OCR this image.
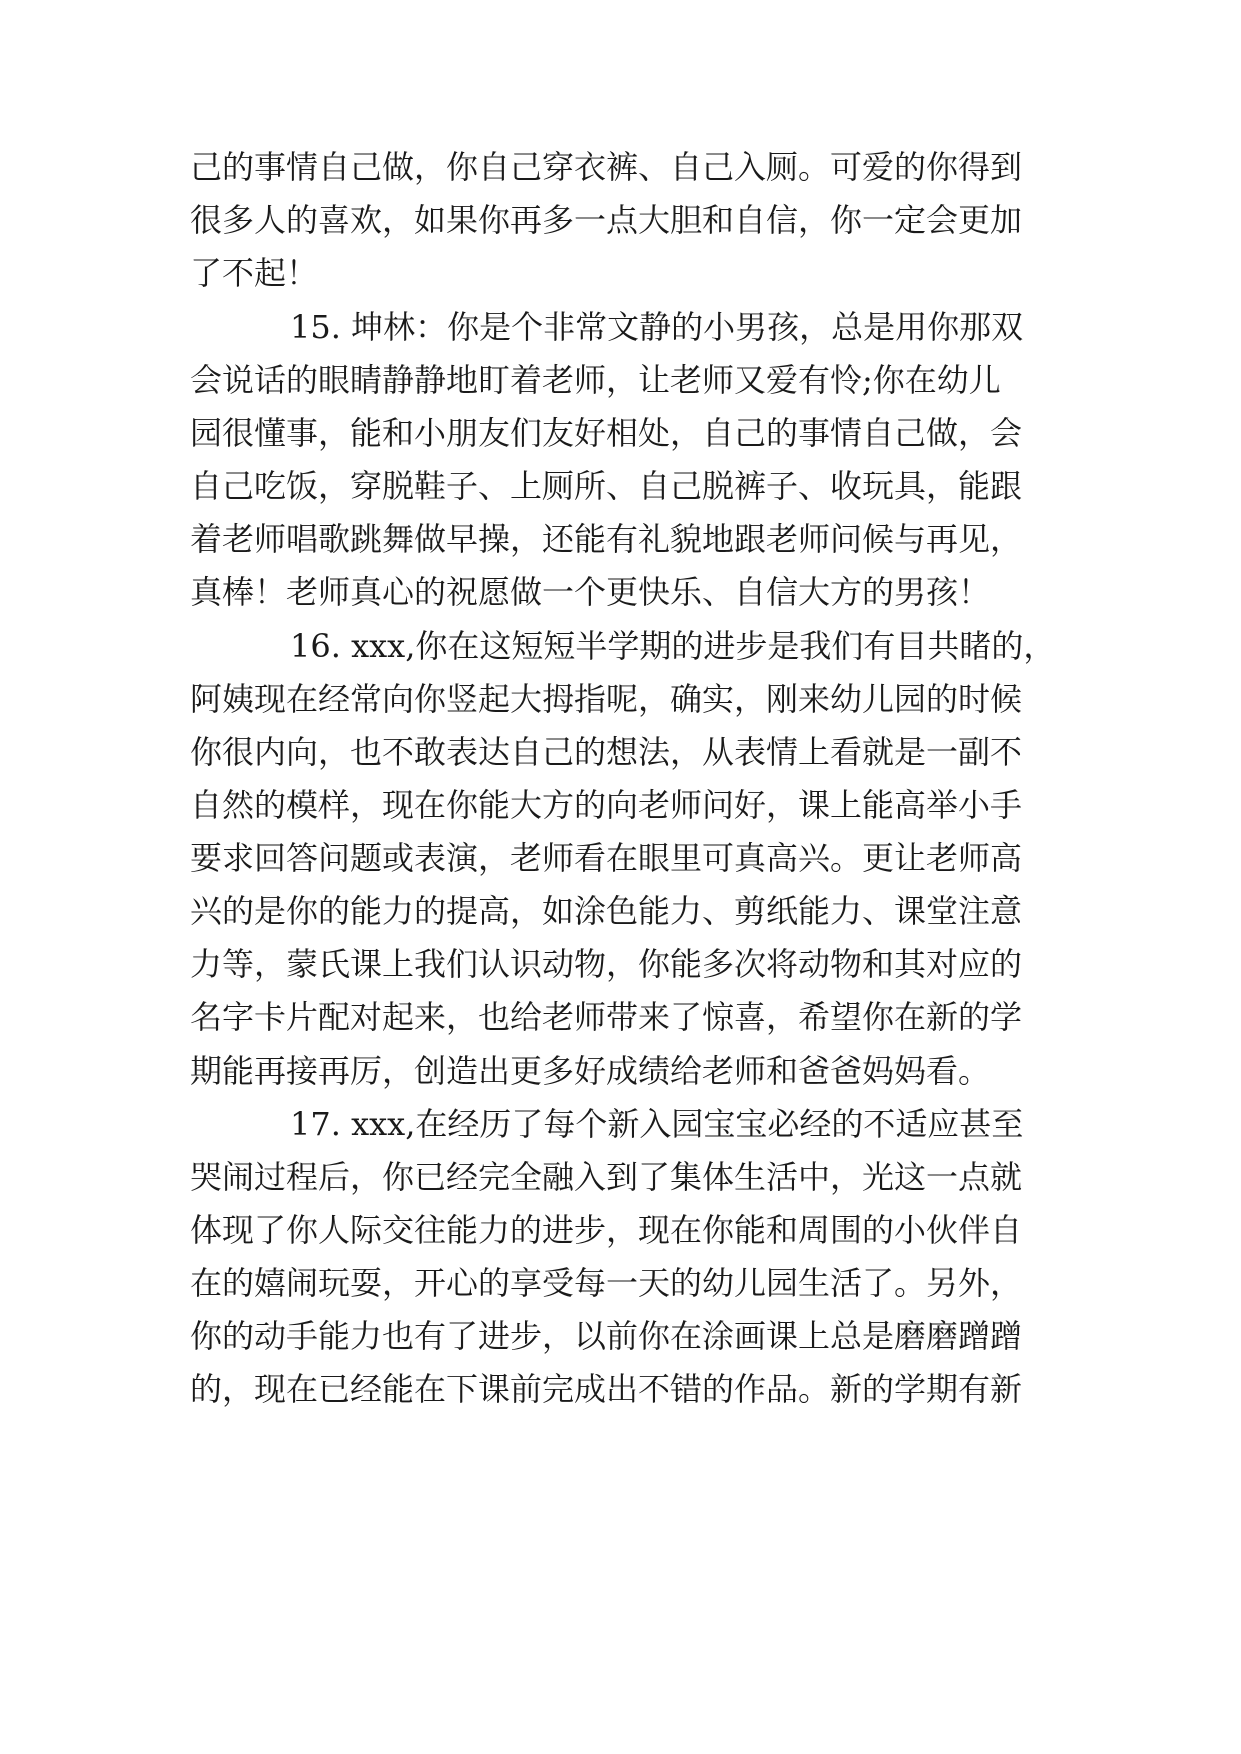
己的事情自己做，你自己穿衣裤、自己入厕。可爱的你得到
很多人的喜欢，如果你再多一点大胆和自信，你一定会更加
了不起！
15. 坤林：你是个非常文静的小男孩，总是用你那双
会说话的眼睛静静地盯着老师，让老师又爱有怜;你在幼儿
园很懂事，能和小朋友们友好相处，自己的事情自己做，会
自己吃饭，穿脱鞋子、上厕所、自己脱裤子、收玩具，能跟
着老师唱歌跳舞做早操，还能有礼貌地跟老师问候与再见，
真棒！老师真心的祝愿做一个更快乐、自信大方的男孩！
16. xxx,你在这短短半学期的进步是我们有目共睹的，
阿姨现在经常向你竖起大拇指呢，确实，刚来幼儿园的时候
你很内向，也不敢表达自己的想法，从表情上看就是一副不
自然的模样，现在你能大方的向老师问好，课上能高举小手
要求回答问题或表演，老师看在眼里可真高兴。更让老师高
兴的是你的能力的提高，如涂色能力、剪纸能力、课堂注意
力等，蒙氏课上我们认识动物，你能多次将动物和其对应的
名字卡片配对起来，也给老师带来了惊喜，希望你在新的学
期能再接再厉，创造出更多好成绩给老师和爸爸妈妈看。
17. xxx,在经历了每个新入园宝宝必经的不适应甚至
哭闹过程后，你已经完全融入到了集体生活中，光这一点就
体现了你人际交往能力的进步，现在你能和周围的小伙伴自
在的嬉闹玩耍，开心的享受每一天的幼儿园生活了。另外，
你的动手能力也有了进步，以前你在涂画课上总是磨磨蹭蹭
的，现在已经能在下课前完成出不错的作品。新的学期有新
